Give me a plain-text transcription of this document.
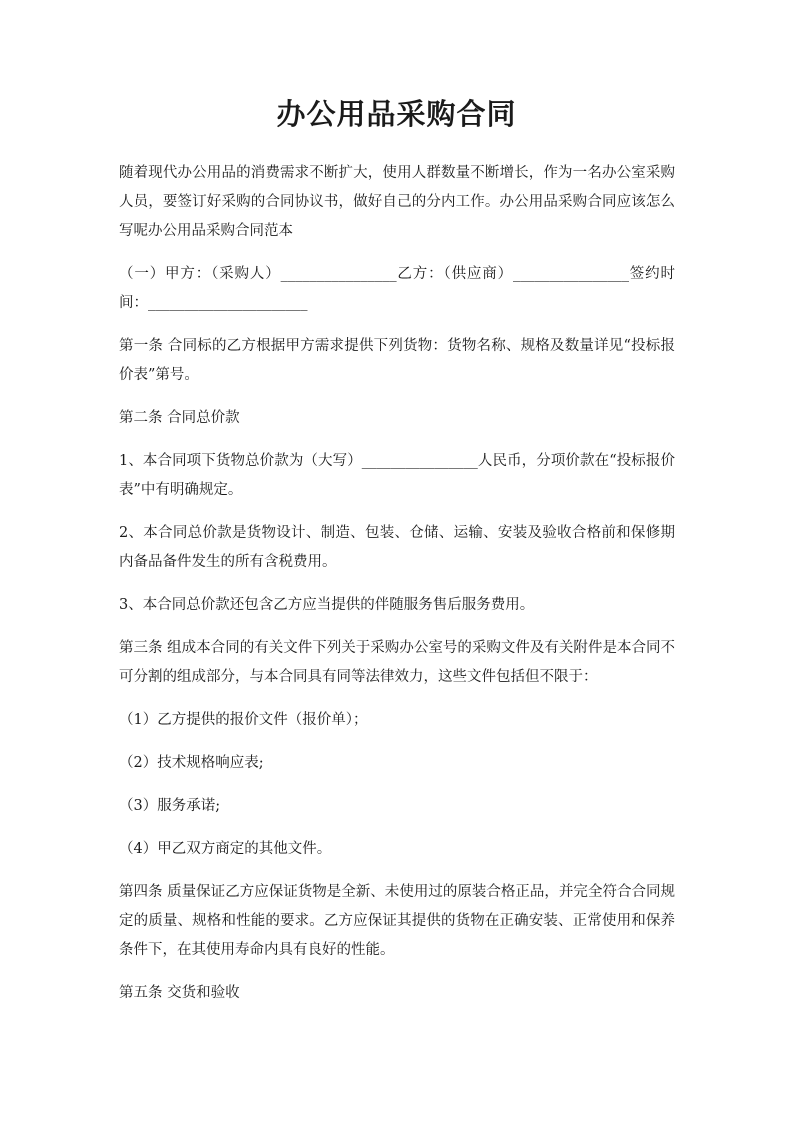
办公用品采购合同

随着现代办公用品的消费需求不断扩大，使用人群数量不断增长，作为一名办公室采购人员，要签订好采购的合同协议书，做好自己的分内工作。办公用品采购合同应该怎么写呢办公用品采购合同范本

（一）甲方：（采购人）________________乙方：（供应商）________________签约时间：______________________

第一条 合同标的乙方根据甲方需求提供下列货物：货物名称、规格及数量详见“投标报价表”第号。

第二条 合同总价款

1、本合同项下货物总价款为（大写）________________人民币，分项价款在“投标报价表”中有明确规定。

2、本合同总价款是货物设计、制造、包装、仓储、运输、安装及验收合格前和保修期内备品备件发生的所有含税费用。

3、本合同总价款还包含乙方应当提供的伴随服务售后服务费用。

第三条 组成本合同的有关文件下列关于采购办公室号的采购文件及有关附件是本合同不可分割的组成部分，与本合同具有同等法律效力，这些文件包括但不限于：

（1）乙方提供的报价文件（报价单）；

（2）技术规格响应表;

（3）服务承诺;

（4）甲乙双方商定的其他文件。

第四条 质量保证乙方应保证货物是全新、未使用过的原装合格正品，并完全符合合同规定的质量、规格和性能的要求。乙方应保证其提供的货物在正确安装、正常使用和保养条件下，在其使用寿命内具有良好的性能。

第五条 交货和验收
